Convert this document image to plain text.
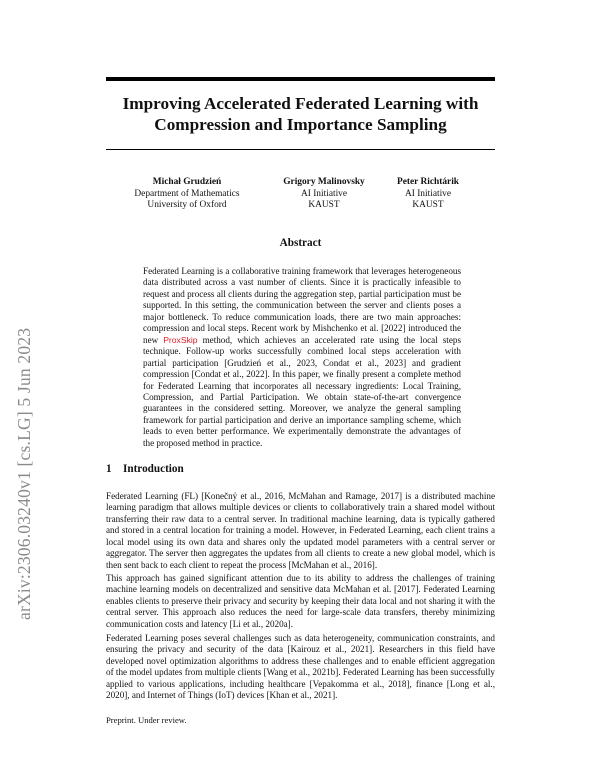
arXiv:2306.03240v1 [cs.LG] 5 Jun 2023
Improving Accelerated Federated Learning with
Compression and Importance Sampling
Michał Grudzień
Department of Mathematics
University of Oxford
Grigory Malinovsky
AI Initiative
KAUST
Peter Richtárik
AI Initiative
KAUST
Abstract
Federated Learning is a collaborative training framework that leverages heterogeneous data distributed across a vast number of clients. Since it is practically infeasible to request and process all clients during the aggregation step, partial participation must be supported. In this setting, the communication between the server and clients poses a major bottleneck. To reduce communication loads, there are two main approaches: compression and local steps. Recent work by Mishchenko et al. [2022] introduced the new ProxSkip method, which achieves an accelerated rate using the local steps technique. Follow-up works successfully combined local steps acceleration with partial participation [Grudzień et al., 2023, Condat et al., 2023] and gradient compression [Condat et al., 2022]. In this paper, we finally present a complete method for Federated Learning that incorporates all necessary ingredients: Local Training, Compression, and Partial Participation. We obtain state-of-the-art convergence guarantees in the considered setting. Moreover, we analyze the general sampling framework for partial participation and derive an importance sampling scheme, which leads to even better performance. We experimentally demonstrate the advantages of the proposed method in practice.
1 Introduction

Federated Learning (FL) [Konečný et al., 2016, McMahan and Ramage, 2017] is a distributed machine learning paradigm that allows multiple devices or clients to collaboratively train a shared model without transferring their raw data to a central server. In traditional machine learning, data is typically gathered and stored in a central location for training a model. However, in Federated Learning, each client trains a local model using its own data and shares only the updated model parameters with a central server or aggregator. The server then aggregates the updates from all clients to create a new global model, which is then sent back to each client to repeat the process [McMahan et al., 2016].

This approach has gained significant attention due to its ability to address the challenges of training machine learning models on decentralized and sensitive data McMahan et al. [2017]. Federated Learning enables clients to preserve their privacy and security by keeping their data local and not sharing it with the central server. This approach also reduces the need for large-scale data transfers, thereby minimizing communication costs and latency [Li et al., 2020a].

Federated Learning poses several challenges such as data heterogeneity, communication constraints, and ensuring the privacy and security of the data [Kairouz et al., 2021]. Researchers in this field have developed novel optimization algorithms to address these challenges and to enable efficient aggregation of the model updates from multiple clients [Wang et al., 2021b]. Federated Learning has been successfully applied to various applications, including healthcare [Vepakomma et al., 2018], finance [Long et al., 2020], and Internet of Things (IoT) devices [Khan et al., 2021].

Preprint. Under review.
